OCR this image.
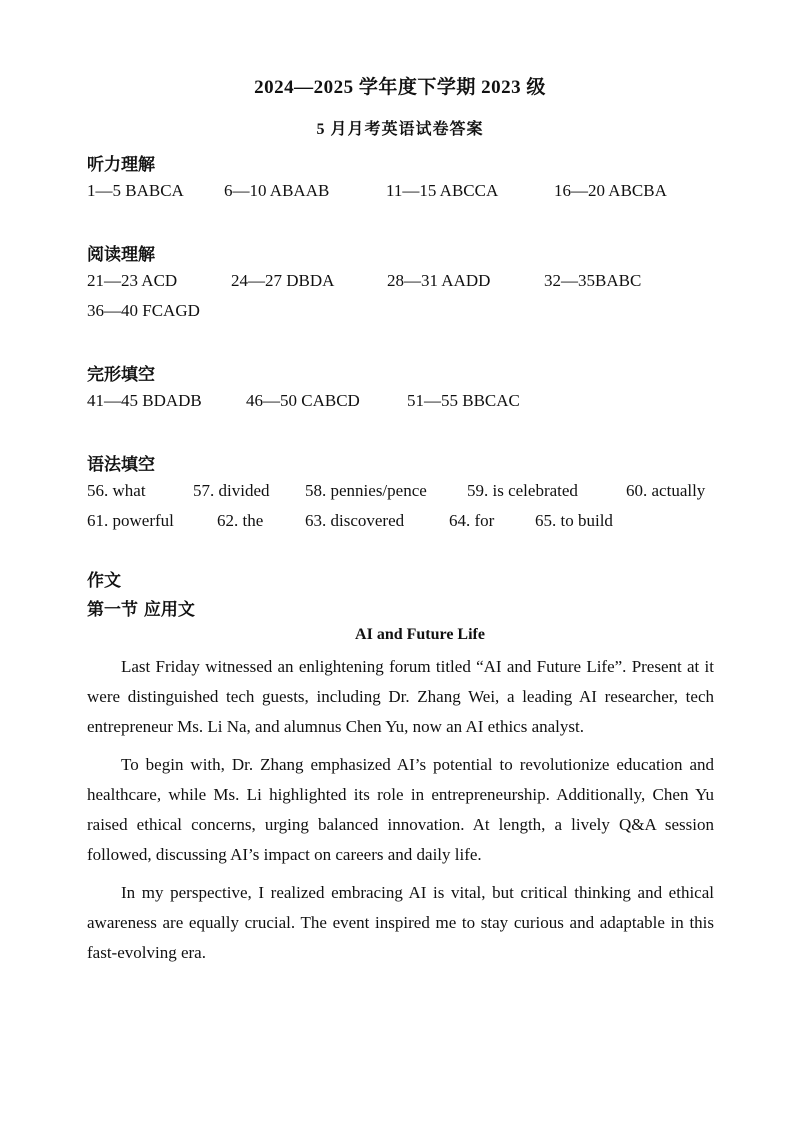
2024—2025 学年度下学期 2023 级
5 月月考英语试卷答案
听力理解
1—5 BABCA 6—10 ABAAB	11—15 ABCCA	16—20 ABCBA
阅读理解
21—23 ACD	24—27 DBDA	28—31 AADD	32—35BABC
36—40 FCAGD
完形填空
41—45 BDADB	46—50 CABCD	51—55 BBCAC
语法填空
56. what	57. divided 58. pennies/pence 59. is celebrated	60. actually
61. powerful	62. the 63. discovered	64. for 65. to build
作文
第一节 应用文
AI and Future Life

Last Friday witnessed an enlightening forum titled “AI and Future Life”. Present at it were distinguished tech guests, including Dr. Zhang Wei, a leading AI researcher, tech entrepreneur Ms. Li Na, and alumnus Chen Yu, now an AI ethics analyst.

To begin with, Dr. Zhang emphasized AI’s potential to revolutionize education and healthcare, while Ms. Li highlighted its role in entrepreneurship. Additionally, Chen Yu raised ethical concerns, urging balanced innovation. At length, a lively Q&A session followed, discussing AI’s impact on careers and daily life.

In my perspective, I realized embracing AI is vital, but critical thinking and ethical awareness are equally crucial. The event inspired me to stay curious and adaptable in this fast-evolving era.
